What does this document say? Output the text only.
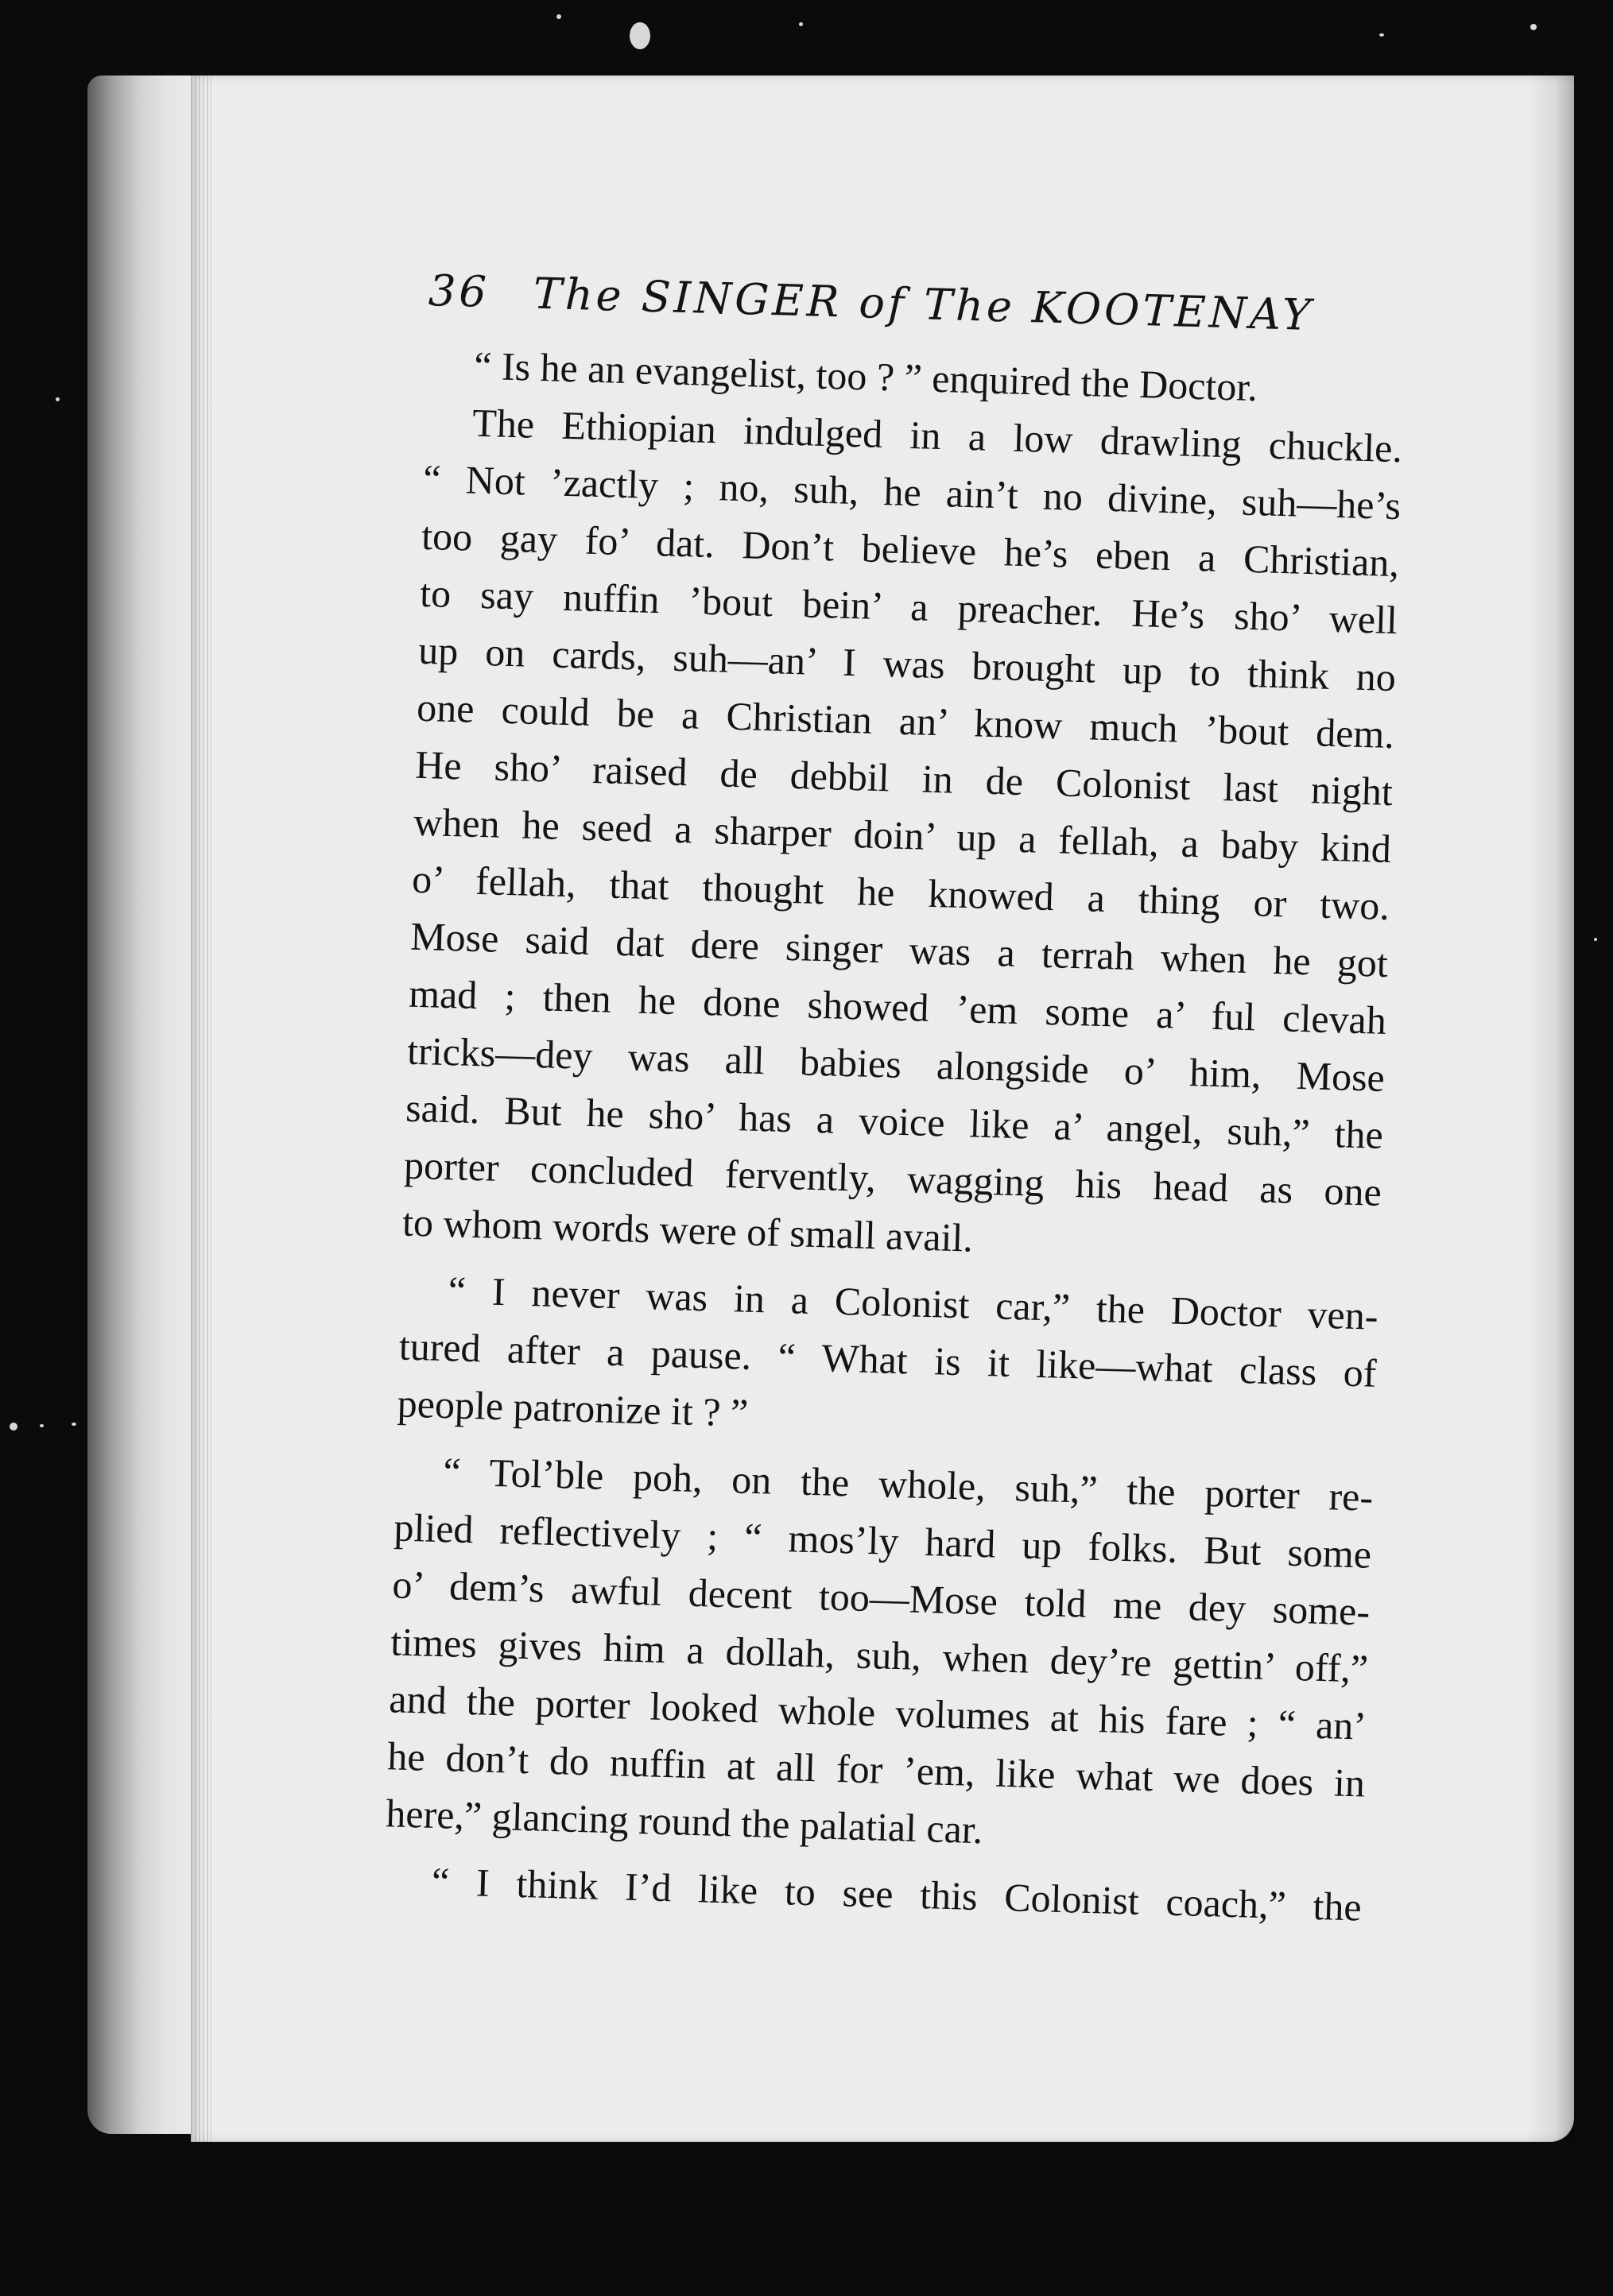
36 The SINGER of The KOOTENAY
“ Is he an evangelist, too ? ” enquired the Doctor.
The Ethiopian indulged in a low drawling chuckle.
“ Not ’zactly ; no, suh, he ain’t no divine, suh—he’s
too gay fo’ dat. Don’t believe he’s eben a Christian,
to say nuffin ’bout bein’ a preacher. He’s sho’ well
up on cards, suh—an’ I was brought up to think no
one could be a Christian an’ know much ’bout dem.
He sho’ raised de debbil in de Colonist last night
when he seed a sharper doin’ up a fellah, a baby kind
o’ fellah, that thought he knowed a thing or two.
Mose said dat dere singer was a terrah when he got
mad ; then he done showed ’em some a’ ful clevah
tricks—dey was all babies alongside o’ him, Mose
said. But he sho’ has a voice like a’ angel, suh,” the
porter concluded fervently, wagging his head as one
to whom words were of small avail.
“ I never was in a Colonist car,” the Doctor ven-
tured after a pause. “ What is it like—what class of
people patronize it ? ”
“ Tol’ble poh, on the whole, suh,” the porter re-
plied reflectively ; “ mos’ly hard up folks. But some
o’ dem’s awful decent too—Mose told me dey some-
times gives him a dollah, suh, when dey’re gettin’ off,”
and the porter looked whole volumes at his fare ; “ an’
he don’t do nuffin at all for ’em, like what we does in
here,” glancing round the palatial car.
“ I think I’d like to see this Colonist coach,” the
